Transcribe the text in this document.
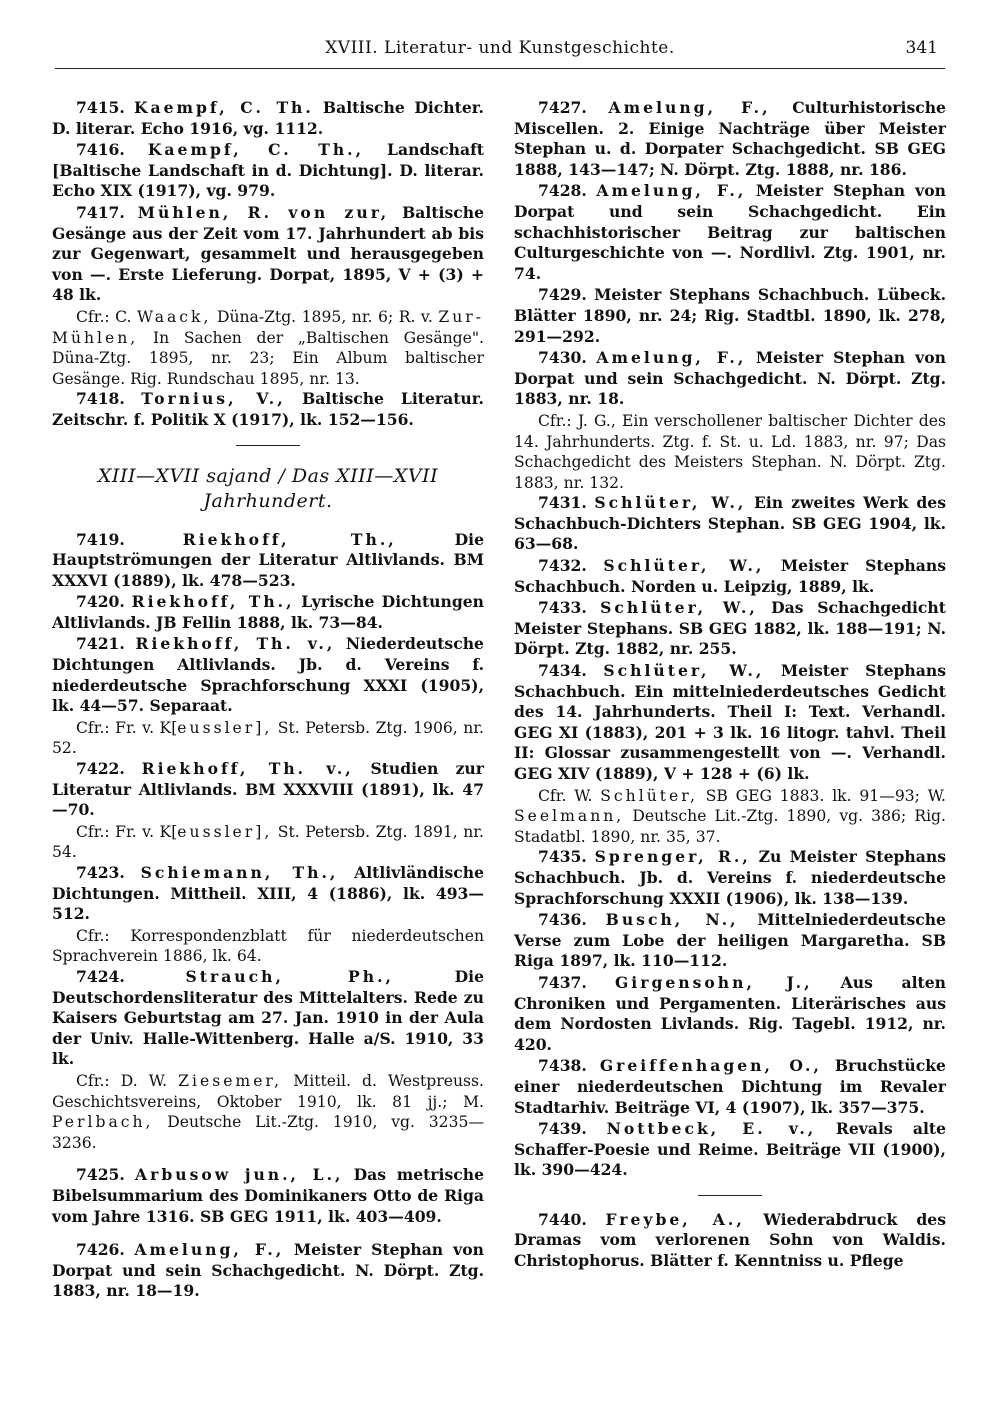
XVIII. Literatur- und Kunstgeschichte.	341

7415. Kaempf, C. Th. Baltische Dichter. D. literar. Echo 1916, vg. 1112.

7416. Kaempf, C. Th., Landschaft [Baltische Landschaft in d. Dichtung]. D. literar. Echo XIX (1917), vg. 979.

7417. Mühlen, R. von zur, Baltische Gesänge aus der Zeit vom 17. Jahrhundert ab bis zur Gegenwart, gesammelt und herausgegeben von —. Erste Lieferung. Dorpat, 1895, V + (3) + 48 lk.

Cfr.: C. Waack, Düna-Ztg. 1895, nr. 6; R. v. Zur-Mühlen, In Sachen der „Baltischen Gesänge". Düna-Ztg. 1895, nr. 23; Ein Album baltischer Gesänge. Rig. Rundschau 1895, nr. 13.

7418. Tornius, V., Baltische Literatur. Zeitschr. f. Politik X (1917), lk. 152—156.

XIII—XVII sajand / Das XIII—XVII
Jahrhundert.

7419.	Riekhoff, Th.,	Die Hauptströmungen der Literatur Altlivlands. BM XXXVI (1889), lk. 478—523.

7420. Riekhoff, Th., Lyrische Dichtungen Altlivlands. JB Fellin 1888, lk. 73—84.

7421. Riekhoff, Th. v., Niederdeutsche Dichtungen Altlivlands. Jb. d. Vereins f. niederdeutsche Sprachforschung XXXI (1905), lk. 44—57. Separaat.

Cfr.: Fr. v. K[eussler], St. Petersb. Ztg. 1906, nr. 52.

7422. Riekhoff, Th. v., Studien zur Literatur Altlivlands. BM XXXVIII (1891), lk. 47—70.

Cfr.: Fr. v. K[eussler], St. Petersb. Ztg. 1891, nr. 54.

7423. Schiemann, Th., Altlivländische Dichtungen. Mittheil. XIII, 4 (1886), lk. 493—512.

Cfr.: Korrespondenzblatt für niederdeutschen Sprachverein 1886, lk. 64.

7424.	Strauch, Ph.,	Die Deutschordensliteratur des Mittelalters. Rede zu Kaisers Geburtstag am 27. Jan. 1910 in der Aula der Univ. Halle-Wittenberg. Halle a/S. 1910, 33 lk.

Cfr.: D. W. Ziesemer, Mitteil. d. Westpreuss. Geschichtsvereins, Oktober 1910, lk. 81 jj.; M. Perlbach, Deutsche Lit.-Ztg. 1910, vg. 3235—3236.

7425. Arbusow jun., L., Das metrische Bibelsummarium des Dominikaners Otto de Riga vom Jahre 1316. SB GEG 1911, lk. 403—409.

7426. Amelung, F., Meister Stephan von Dorpat und sein Schachgedicht. N. Dörpt. Ztg. 1883, nr. 18—19.

7427. Amelung, F., Culturhistorische Miscellen. 2. Einige Nachträge über Meister Stephan u. d. Dorpater Schachgedicht. SB GEG 1888, 143—147; N. Dörpt. Ztg. 1888, nr. 186.

7428. Amelung, F., Meister Stephan von Dorpat und sein Schachgedicht. Ein schachhistorischer Beitrag zur baltischen Culturgeschichte von —. Nordlivl. Ztg. 1901, nr. 74.

7429. Meister Stephans Schachbuch. Lübeck. Blätter 1890, nr. 24; Rig. Stadtbl. 1890, lk. 278, 291—292.

7430. Amelung, F., Meister Stephan von Dorpat und sein Schachgedicht. N. Dörpt. Ztg. 1883, nr. 18.

Cfr.: J. G., Ein verschollener baltischer Dichter des 14. Jahrhunderts. Ztg. f. St. u. Ld. 1883, nr. 97; Das Schachgedicht des Meisters Stephan. N. Dörpt. Ztg. 1883, nr. 132.

7431. Schlüter, W., Ein zweites Werk des Schachbuch-Dichters Stephan. SB GEG 1904, lk. 63—68.

7432. Schlüter, W., Meister Stephans Schachbuch. Norden u. Leipzig, 1889, lk.

7433. Schlüter, W., Das Schachgedicht Meister Stephans. SB GEG 1882, lk. 188—191; N. Dörpt. Ztg. 1882, nr. 255.

7434. Schlüter, W., Meister Stephans Schachbuch. Ein mittelniederdeutsches Gedicht des 14. Jahrhunderts. Theil I: Text. Verhandl. GEG XI (1883), 201 + 3 lk. 16 litogr. tahvl. Theil II: Glossar zusammengestellt von —. Verhandl. GEG XIV (1889), V + 128 + (6) lk.

Cfr. W. Schlüter, SB GEG 1883. lk. 91—93; W. Seelmann, Deutsche Lit.-Ztg. 1890, vg. 386; Rig. Stadatbl. 1890, nr. 35, 37.

7435. Sprenger, R., Zu Meister Stephans Schachbuch. Jb. d. Vereins f. niederdeutsche Sprachforschung XXXII (1906), lk. 138—139.

7436. Busch, N., Mittelniederdeutsche Verse zum Lobe der heiligen Margaretha. SB Riga 1897, lk. 110—112.

7437. Girgensohn, J., Aus alten Chroniken und Pergamenten. Literärisches aus dem Nordosten Livlands. Rig. Tagebl. 1912, nr. 420.

7438. Greiffenhagen, O., Bruchstücke einer niederdeutschen Dichtung im Revaler Stadtarhiv. Beiträge VI, 4 (1907), lk. 357—375.

7439. Nottbeck, E. v., Revals alte Schaffer-Poesie und Reime. Beiträge VII (1900), lk. 390—424.

7440. Freybe, A., Wiederabdruck des Dramas vom verlorenen Sohn von Waldis. Christophorus. Blätter f. Kenntniss u. Pflege
